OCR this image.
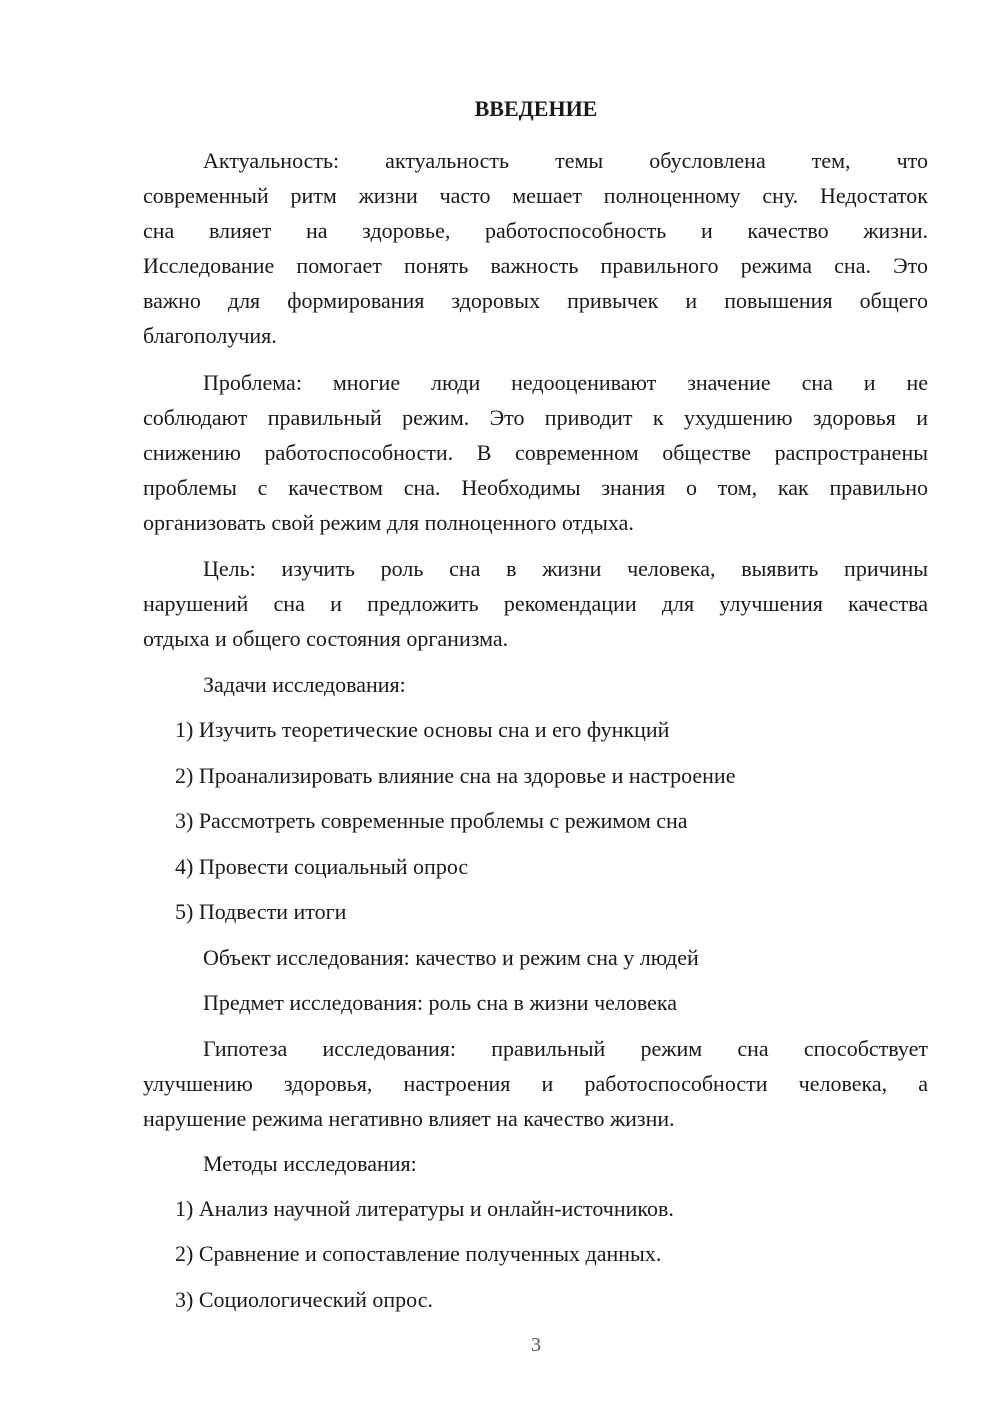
ВВЕДЕНИЕ
Актуальность: актуальность темы обусловлена тем, что
современный ритм жизни часто мешает полноценному сну. Недостаток
сна влияет на здоровье, работоспособность и качество жизни.
Исследование помогает понять важность правильного режима сна. Это
важно для формирования здоровых привычек и повышения общего
благополучия.
Проблема: многие люди недооценивают значение сна и не
соблюдают правильный режим. Это приводит к ухудшению здоровья и
снижению работоспособности. В современном обществе распространены
проблемы с качеством сна. Необходимы знания о том, как правильно
организовать свой режим для полноценного отдыха.
Цель: изучить роль сна в жизни человека, выявить причины
нарушений сна и предложить рекомендации для улучшения качества
отдыха и общего состояния организма.
Задачи исследования:
1) Изучить теоретические основы сна и его функций
2) Проанализировать влияние сна на здоровье и настроение
3) Рассмотреть современные проблемы с режимом сна
4) Провести социальный опрос
5) Подвести итоги
Объект исследования: качество и режим сна у людей
Предмет исследования: роль сна в жизни человека
Гипотеза исследования: правильный режим сна способствует
улучшению здоровья, настроения и работоспособности человека, а
нарушение режима негативно влияет на качество жизни.
Методы исследования:
1) Анализ научной литературы и онлайн-источников.
2) Сравнение и сопоставление полученных данных.
3) Социологический опрос.
3
